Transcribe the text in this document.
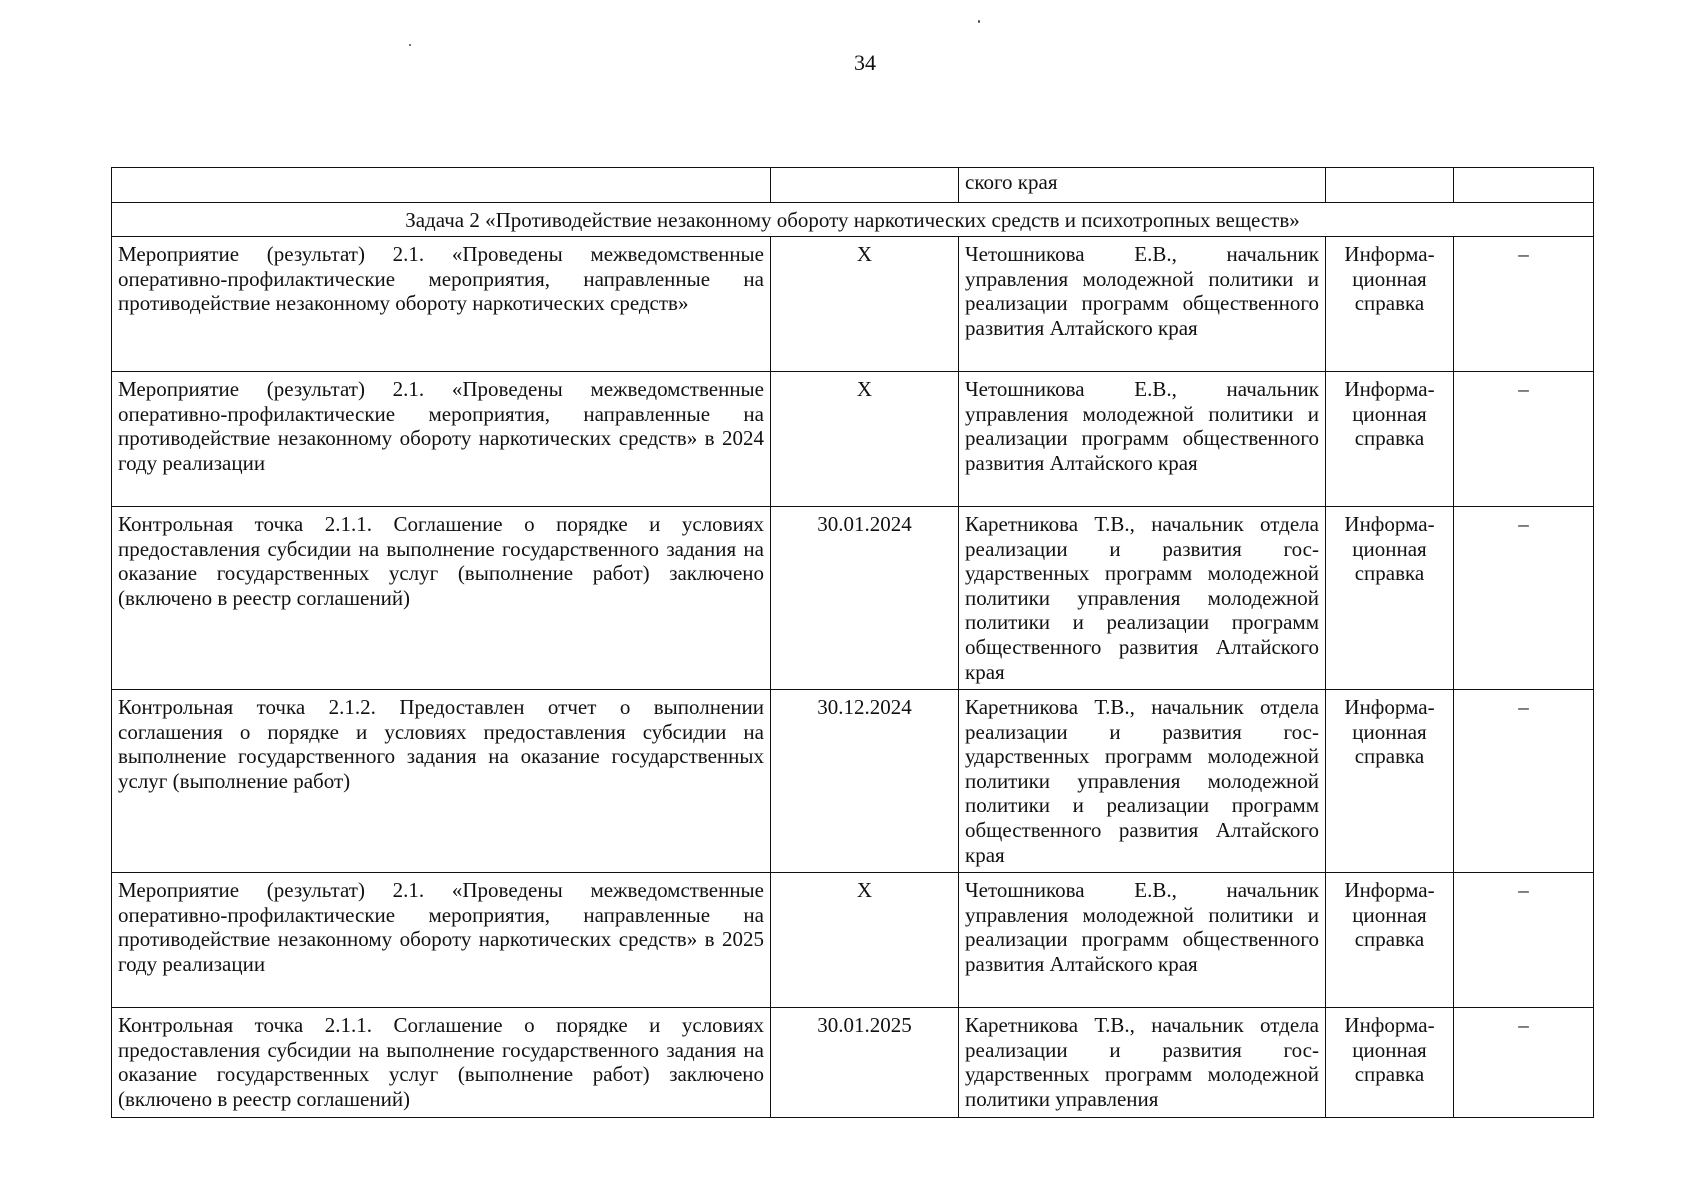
34
		ского края		
Задача 2 «Противодействие незаконному обороту наркотических средств и психотропных веществ»				
Мероприятие (результат) 2.1. «Проведены межведомственные оперативно-профилактические мероприятия, направленные на противодействие незаконному обороту наркотических средств»	X	Четошникова Е.В., начальник управления молодежной политики и реализации программ общественного развития Алтайского края	Информационная справка	–
Мероприятие (результат) 2.1. «Проведены межведомственные оперативно-профилактические мероприятия, направленные на противодействие незаконному обороту наркотических средств» в 2024 году реализации	X	Четошникова Е.В., начальник управления молодежной политики и реализации программ общественного развития Алтайского края	Информационная справка	–
Контрольная точка 2.1.1. Соглашение о порядке и условиях предоставления субсидии на выполнение государственного задания на оказание государственных услуг (выполнение работ) заключено (включено в реестр соглашений)	30.01.2024	Каретникова Т.В., начальник отдела реализации и развития государственных программ молодежной политики управления молодежной политики и реализации программ общественного развития Алтайского края	Информационная справка	–
Контрольная точка 2.1.2. Предоставлен отчет о выполнении соглашения о порядке и условиях предоставления субсидии на выполнение государственного задания на оказание государственных услуг (выполнение работ)	30.12.2024	Каретникова Т.В., начальник отдела реализации и развития государственных программ молодежной политики управления молодежной политики и реализации программ общественного развития Алтайского края	Информационная справка	–
Мероприятие (результат) 2.1. «Проведены межведомственные оперативно-профилактические мероприятия, направленные на противодействие незаконному обороту наркотических средств» в 2025 году реализации	X	Четошникова Е.В., начальник управления молодежной политики и реализации программ общественного развития Алтайского края	Информационная справка	–
Контрольная точка 2.1.1. Соглашение о порядке и условиях предоставления субсидии на выполнение государственного задания на оказание государственных услуг (выполнение работ) заключено (включено в реестр соглашений)	30.01.2025	Каретникова Т.В., начальник отдела реализации и развития государственных программ молодежной политики управления	Информационная справка	–
